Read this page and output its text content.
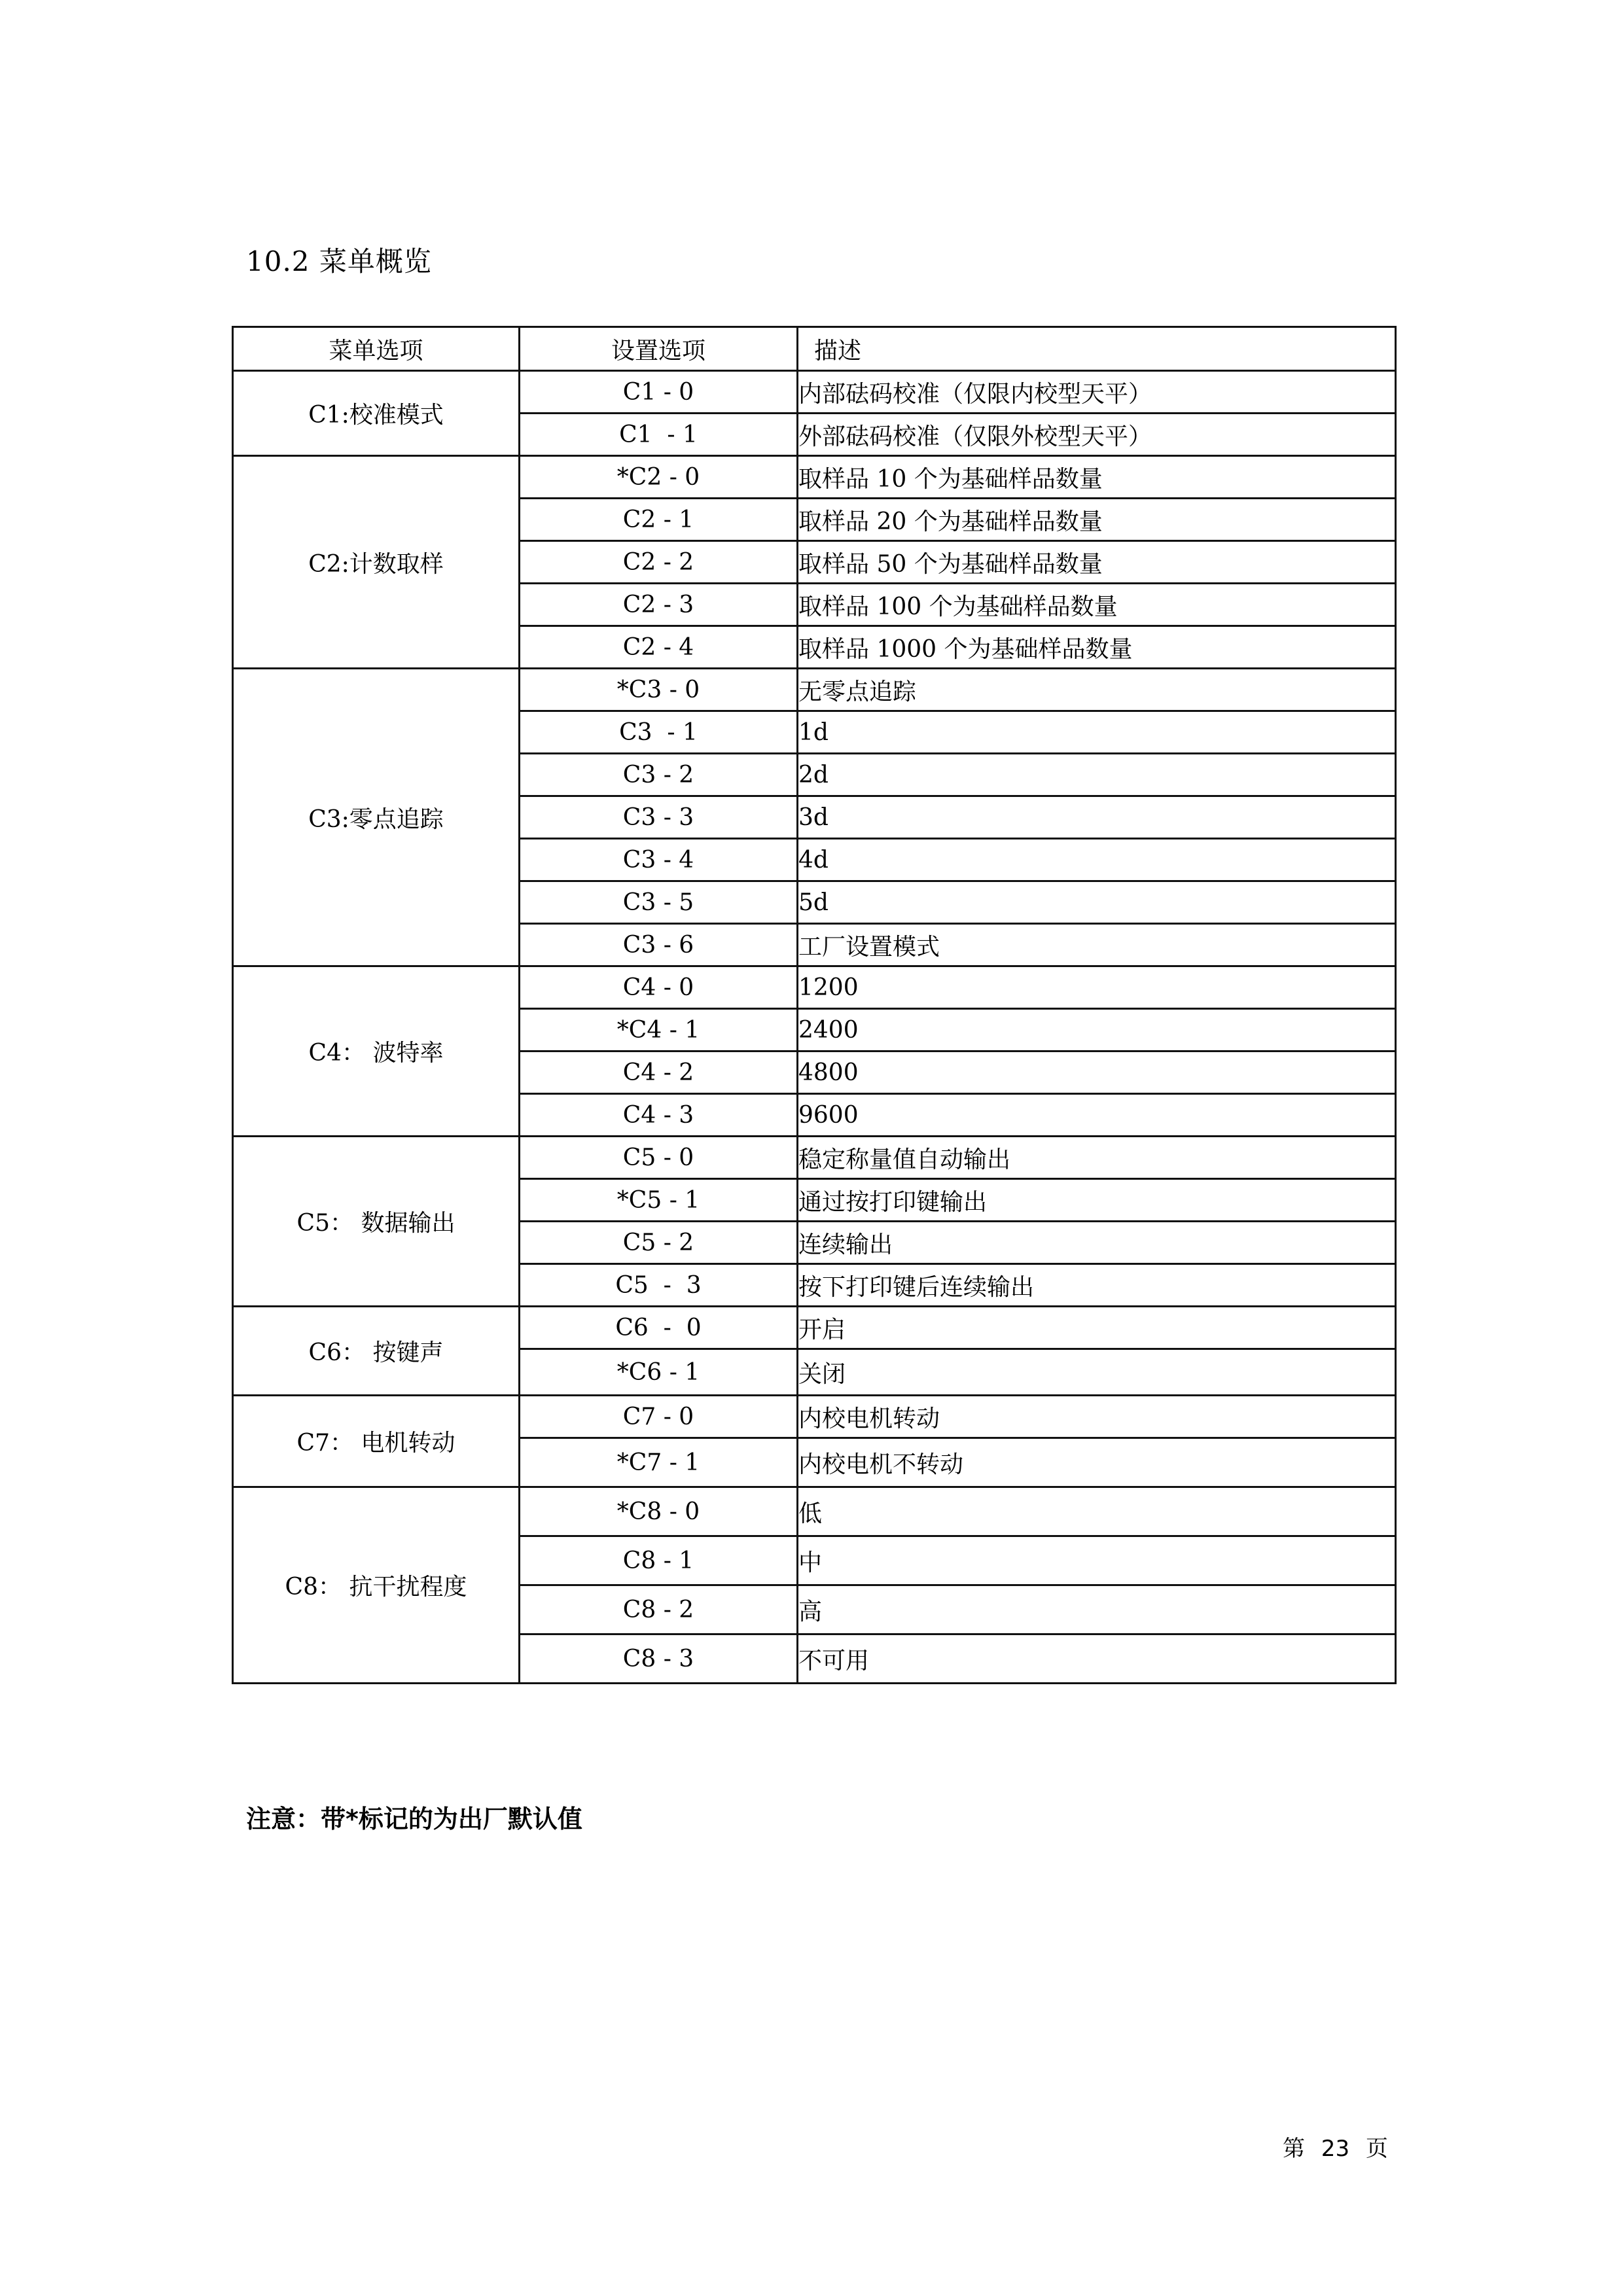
10.2 菜单概览
菜单选项	设置选项	描述
C1:校准模式	C1 - 0	内部砝码校准（仅限内校型天平）
	C1  - 1	外部砝码校准（仅限外校型天平）
C2:计数取样	*C2 - 0	取样品 10 个为基础样品数量
	C2 - 1	取样品 20 个为基础样品数量
	C2 - 2	取样品 50 个为基础样品数量
	C2 - 3	取样品 100 个为基础样品数量
	C2 - 4	取样品 1000 个为基础样品数量
C3:零点追踪	*C3 - 0	无零点追踪
	C3  - 1	1d
	C3 - 2	2d
	C3 - 3	3d
	C3 - 4	4d
	C3 - 5	5d
	C3 - 6	工厂设置模式
C4： 波特率	C4 - 0	1200
	*C4 - 1	2400
	C4 - 2	4800
	C4 - 3	9600
C5： 数据输出	C5 - 0	稳定称量值自动输出
	*C5 - 1	通过按打印键输出
	C5 - 2	连续输出
	C5  -  3	按下打印键后连续输出
C6： 按键声	C6  -  0	开启
	*C6 - 1	关闭
C7： 电机转动	C7 - 0	内校电机转动
	*C7 - 1	内校电机不转动
C8： 抗干扰程度	*C8 - 0	低
	C8 - 1	中
	C8 - 2	高
	C8 - 3	不可用
注意：带*标记的为出厂默认值
第 23 页
